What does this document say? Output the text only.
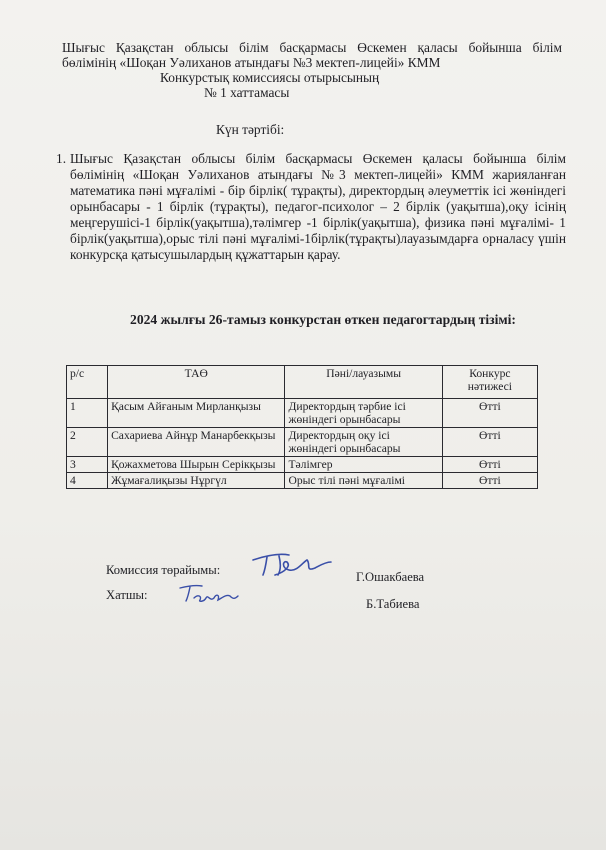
Шығыс Қазақстан облысы білім басқармасы Өскемен қаласы бойынша білім
бөлімінің «Шоқан Уәлиханов атындағы №3 мектеп-лицейі» КММ
Конкурстық комиссиясы отырысының
№ 1 хаттамасы
Күн тәртібі:
1. Шығыс Қазақстан облысы білім басқармасы Өскемен қаласы бойынша білім бөлімінің «Шоқан Уәлиханов атындағы №3 мектеп-лицейі» КММ жарияланған математика пәні мұғалімі - бір бірлік( тұрақты), директордың әлеуметтік ісі жөніндегі орынбасары - 1 бірлік (тұрақты), педагог-психолог – 2 бірлік (уақытша),оқу ісінің меңгерушісі-1 бірлік(уақытша),тәлімгер -1 бірлік(уақытша), физика пәні мұғалімі- 1 бірлік(уақытша),орыс тілі пәні мұғалімі-1бірлік(тұрақты)лауазымдарға орналасу үшін конкурсқа қатысушылардың құжаттарын қарау.
2024 жылғы 26-тамыз конкурстан өткен педагогтардың тізімі:
р/с	ТАӨ	Пәні/лауазымы	Конкурс нәтижесі
1	Қасым Айғаным Мирланқызы	Директордың тәрбие ісі жөніндегі орынбасары	Өтті
2	Сахариева Айнұр Манарбекқызы	Директордың оқу ісі жөніндегі орынбасары	Өтті
3	Қожахметова Шырын Серікқызы	Тәлімгер	Өтті
4	Жұмағалиқызы Нұргүл	Орыс тілі пәні мұғалімі	Өтті
Комиссия төрайымы:	Г.Ошакбаева
Хатшы:
Б.Табиева
